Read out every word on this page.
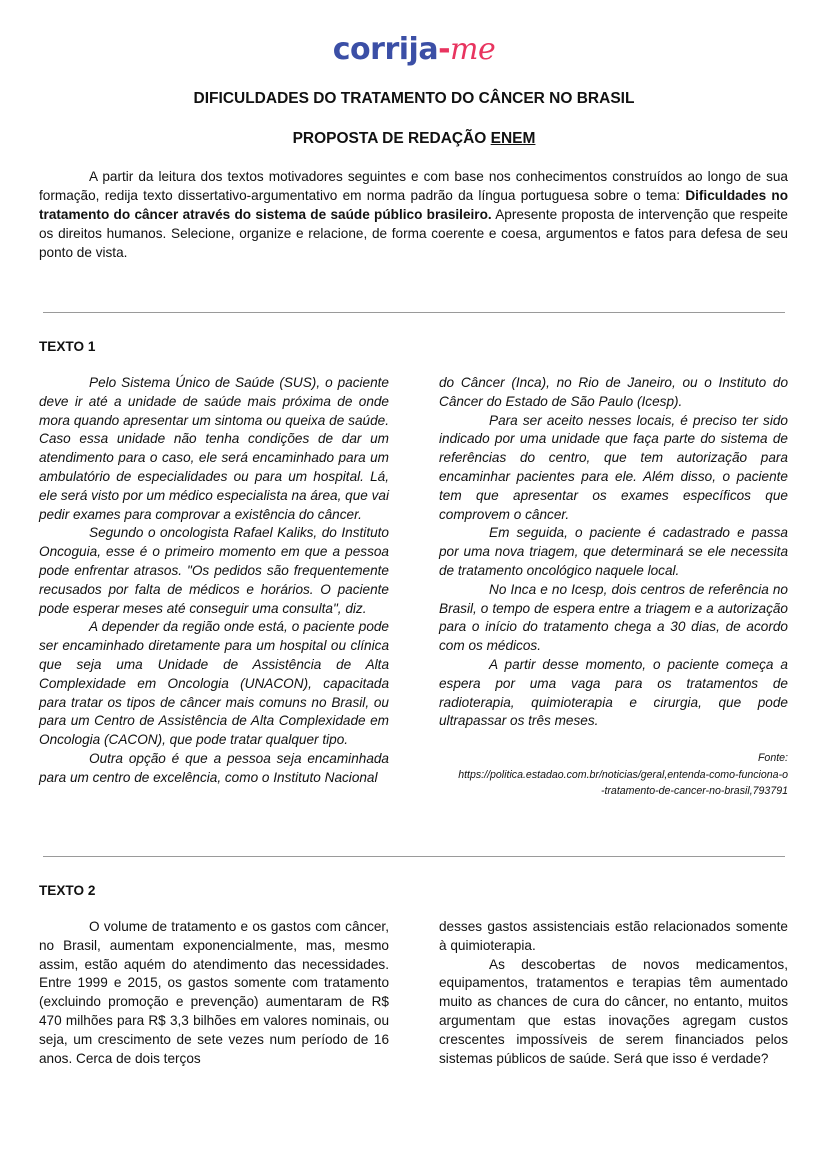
corrija-me
DIFICULDADES DO TRATAMENTO DO CÂNCER NO BRASIL
PROPOSTA DE REDAÇÃO ENEM

A partir da leitura dos textos motivadores seguintes e com base nos conhecimentos construídos ao longo de sua formação, redija texto dissertativo-argumentativo em norma padrão da língua portuguesa sobre o tema: Dificuldades no tratamento do câncer através do sistema de saúde público brasileiro. Apresente proposta de intervenção que respeite os direitos humanos. Selecione, organize e relacione, de forma coerente e coesa, argumentos e fatos para defesa de seu ponto de vista.

TEXTO 1

Pelo Sistema Único de Saúde (SUS), o paciente deve ir até a unidade de saúde mais próxima de onde mora quando apresentar um sintoma ou queixa de saúde. Caso essa unidade não tenha condições de dar um atendimento para o caso, ele será encaminhado para um ambulatório de especialidades ou para um hospital. Lá, ele será visto por um médico especialista na área, que vai pedir exames para comprovar a existência do câncer.

Segundo o oncologista Rafael Kaliks, do Instituto Oncoguia, esse é o primeiro momento em que a pessoa pode enfrentar atrasos. "Os pedidos são frequentemente recusados por falta de médicos e horários. O paciente pode esperar meses até conseguir uma consulta", diz.

A depender da região onde está, o paciente pode ser encaminhado diretamente para um hospital ou clínica que seja uma Unidade de Assistência de Alta Complexidade em Oncologia (UNACON), capacitada para tratar os tipos de câncer mais comuns no Brasil, ou para um Centro de Assistência de Alta Complexidade em Oncologia (CACON), que pode tratar qualquer tipo.

Outra opção é que a pessoa seja encaminhada para um centro de excelência, como o Instituto Nacional

do Câncer (Inca), no Rio de Janeiro, ou o Instituto do Câncer do Estado de São Paulo (Icesp).

Para ser aceito nesses locais, é preciso ter sido indicado por uma unidade que faça parte do sistema de referências do centro, que tem autorização para encaminhar pacientes para ele. Além disso, o paciente tem que apresentar os exames específicos que comprovem o câncer.

Em seguida, o paciente é cadastrado e passa por uma nova triagem, que determinará se ele necessita de tratamento oncológico naquele local.

No Inca e no Icesp, dois centros de referência no Brasil, o tempo de espera entre a triagem e a autorização para o início do tratamento chega a 30 dias, de acordo com os médicos.

A partir desse momento, o paciente começa a espera por uma vaga para os tratamentos de radioterapia, quimioterapia e cirurgia, que pode ultrapassar os três meses.

Fonte:
https://politica.estadao.com.br/noticias/geral,entenda-como-funciona-o
-tratamento-de-cancer-no-brasil,793791
TEXTO 2

O volume de tratamento e os gastos com câncer, no Brasil, aumentam exponencialmente, mas, mesmo assim, estão aquém do atendimento das necessidades. Entre 1999 e 2015, os gastos somente com tratamento (excluindo promoção e prevenção) aumentaram de R$ 470 milhões para R$ 3,3 bilhões em valores nominais, ou seja, um crescimento de sete vezes num período de 16 anos. Cerca de dois terços

desses gastos assistenciais estão relacionados somente à quimioterapia.

As descobertas de novos medicamentos, equipamentos, tratamentos e terapias têm aumentado muito as chances de cura do câncer, no entanto, muitos argumentam que estas inovações agregam custos crescentes impossíveis de serem financiados pelos sistemas públicos de saúde. Será que isso é verdade?
